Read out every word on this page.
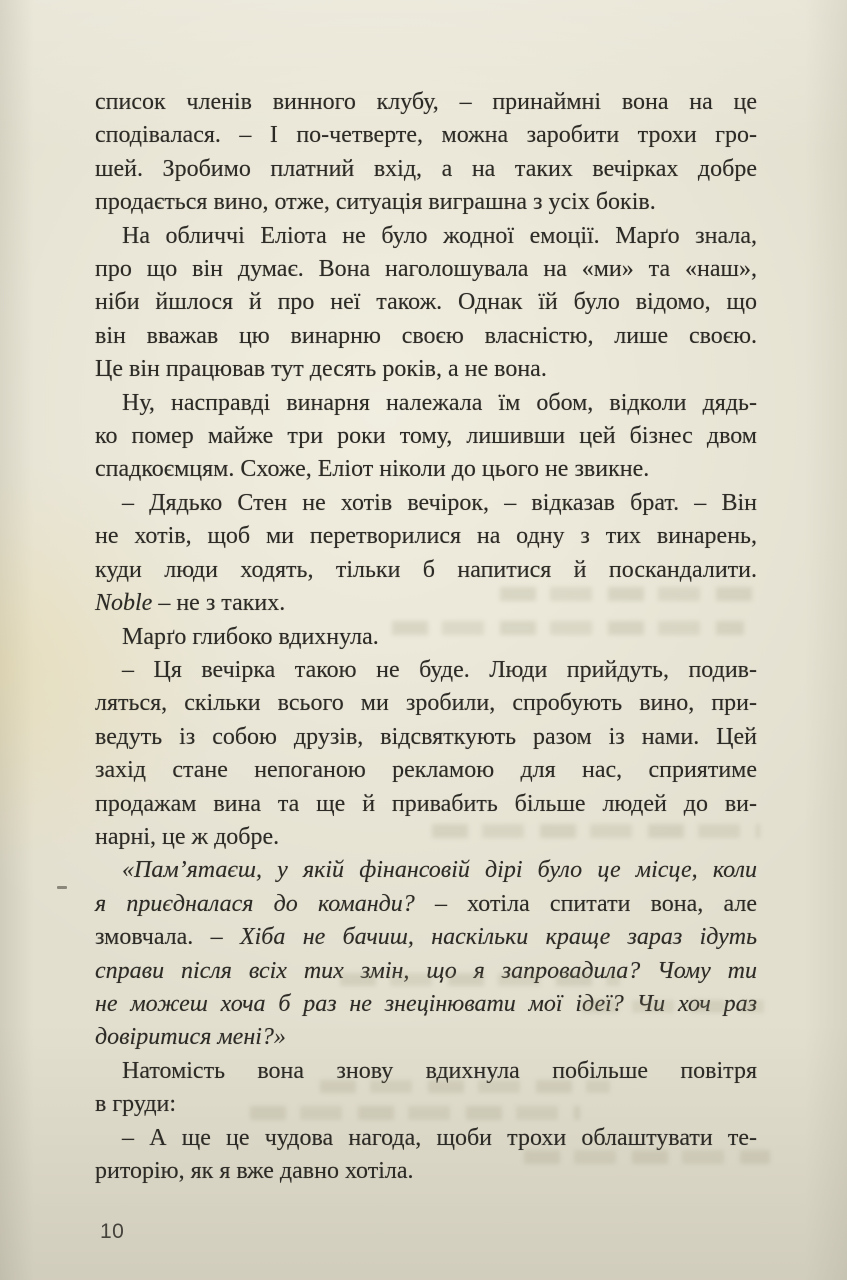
список членів винного клубу, – принаймні вона на це
сподівалася. – І по-четверте, можна заробити трохи гро-
шей. Зробимо платний вхід, а на таких вечірках добре
продається вино, отже, ситуація виграшна з усіх боків.

На обличчі Еліота не було жодної емоції. Марґо знала,
про що він думає. Вона наголошувала на «ми» та «наш»,
ніби йшлося й про неї також. Однак їй було відомо, що
він вважав цю винарню своєю власністю, лише своєю.
Це він працював тут десять років, а не вона.

Ну, насправді винарня належала їм обом, відколи дядь-
ко помер майже три роки тому, лишивши цей бізнес двом
спадкоємцям. Схоже, Еліот ніколи до цього не звикне.

– Дядько Стен не хотів вечірок, – відказав брат. – Він
не хотів, щоб ми перетворилися на одну з тих винарень,
куди люди ходять, тільки б напитися й поскандалити.
Noble – не з таких.

Марґо глибоко вдихнула.

– Ця вечірка такою не буде. Люди прийдуть, подив-
ляться, скільки всього ми зробили, спробують вино, при-
ведуть із собою друзів, відсвяткують разом із нами. Цей
захід стане непоганою рекламою для нас, сприятиме
продажам вина та ще й привабить більше людей до ви-
нарні, це ж добре.

«Пам’ятаєш, у якій фінансовій дірі було це місце, коли
я приєдналася до команди? – хотіла спитати вона, але
змовчала. – Хіба не бачиш, наскільки краще зараз ідуть
справи після всіх тих змін, що я запровадила? Чому ти
не можеш хоча б раз не знецінювати мої ідеї? Чи хоч раз
довіритися мені?»

Натомість вона знову вдихнула побільше повітря
в груди:

– А ще це чудова нагода, щоби трохи облаштувати те-
риторію, як я вже давно хотіла.

10
